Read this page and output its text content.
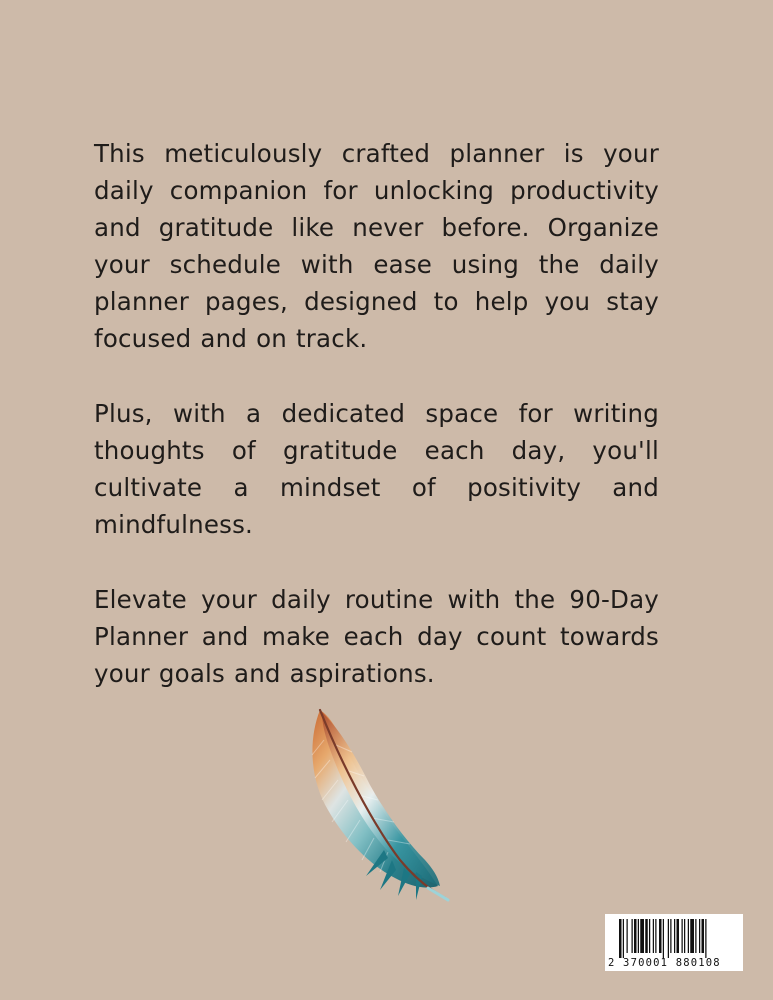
This meticulously crafted planner is your daily companion for unlocking productivity and gratitude like never before. Organize your schedule with ease using the daily planner pages, designed to help you stay focused and on track.

Plus, with a dedicated space for writing thoughts of gratitude each day, you'll cultivate a mindset of positivity and mindfulness.

Elevate your daily routine with the 90-Day Planner and make each day count towards your goals and aspirations.

2 370001 880108
